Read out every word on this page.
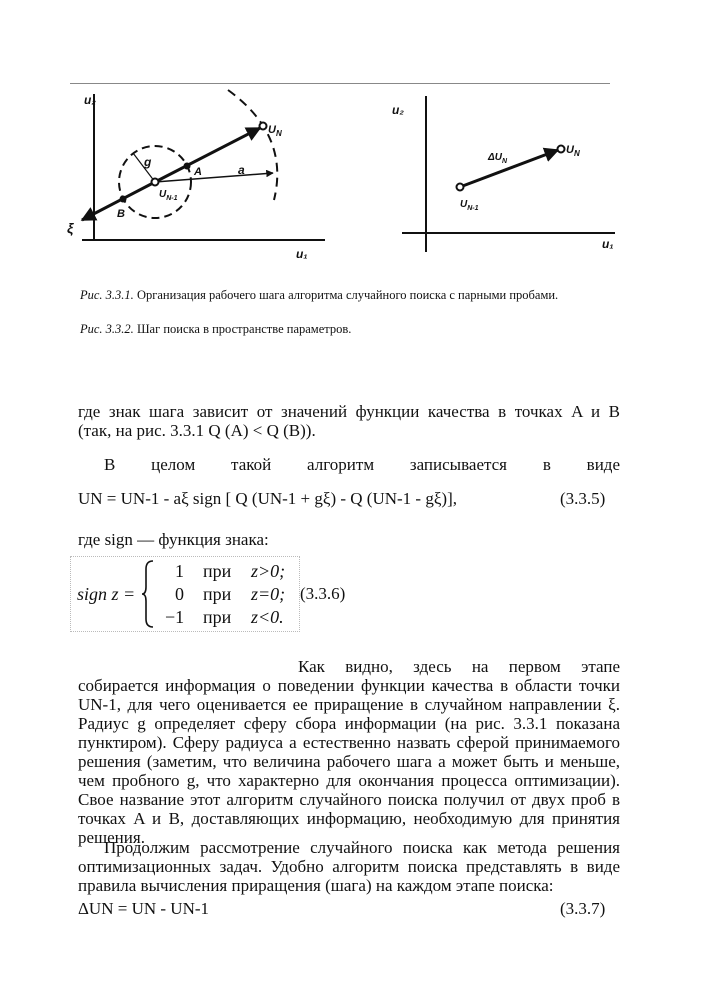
u₂
u₁
ξ
g
a
A
B
$U_N$
$U_{N-1}$
u₂
u₁
$\Delta U_N$
$U_N$
$U_{N-1}$
Рис. 3.3.1. Организация рабочего шага алгоритма случайного поиска с парными пробами.
Рис. 3.3.2. Шаг поиска в пространстве параметров.
где знак шага зависит от значений функции качества в точках A и B
(так, на рис. 3.3.1 Q (A) < Q (B)).
В целом такой алгоритм записывается в виде
UN = UN-1 - aξ sign [ Q (UN-1 + gξ) - Q (UN-1 - gξ)],	(3.3.5)
где sign — функция знака:
sign z =
1 при z>0;
0 при z=0;
−1 при z<0.
(3.3.6)
Как видно, здесь на первом этапе
собирается информация о поведении функции качества в области точки UN-1, для чего оценивается ее приращение в случайном направлении ξ. Радиус g определяет сферу сбора информации (на рис. 3.3.1 показана пунктиром). Сферу радиуса a естественно назвать сферой принимаемого решения (заметим, что величина рабочего шага a может быть и меньше, чем пробного g, что характерно для окончания процесса оптимизации). Свое название этот алгоритм случайного поиска получил от двух проб в точках A и B, доставляющих информацию, необходимую для принятия решения.
Продолжим рассмотрение случайного поиска как метода решения оптимизационных задач. Удобно алгоритм поиска представлять в виде правила вычисления приращения (шага) на каждом этапе поиска:
ΔUN = UN - UN-1	(3.3.7)
